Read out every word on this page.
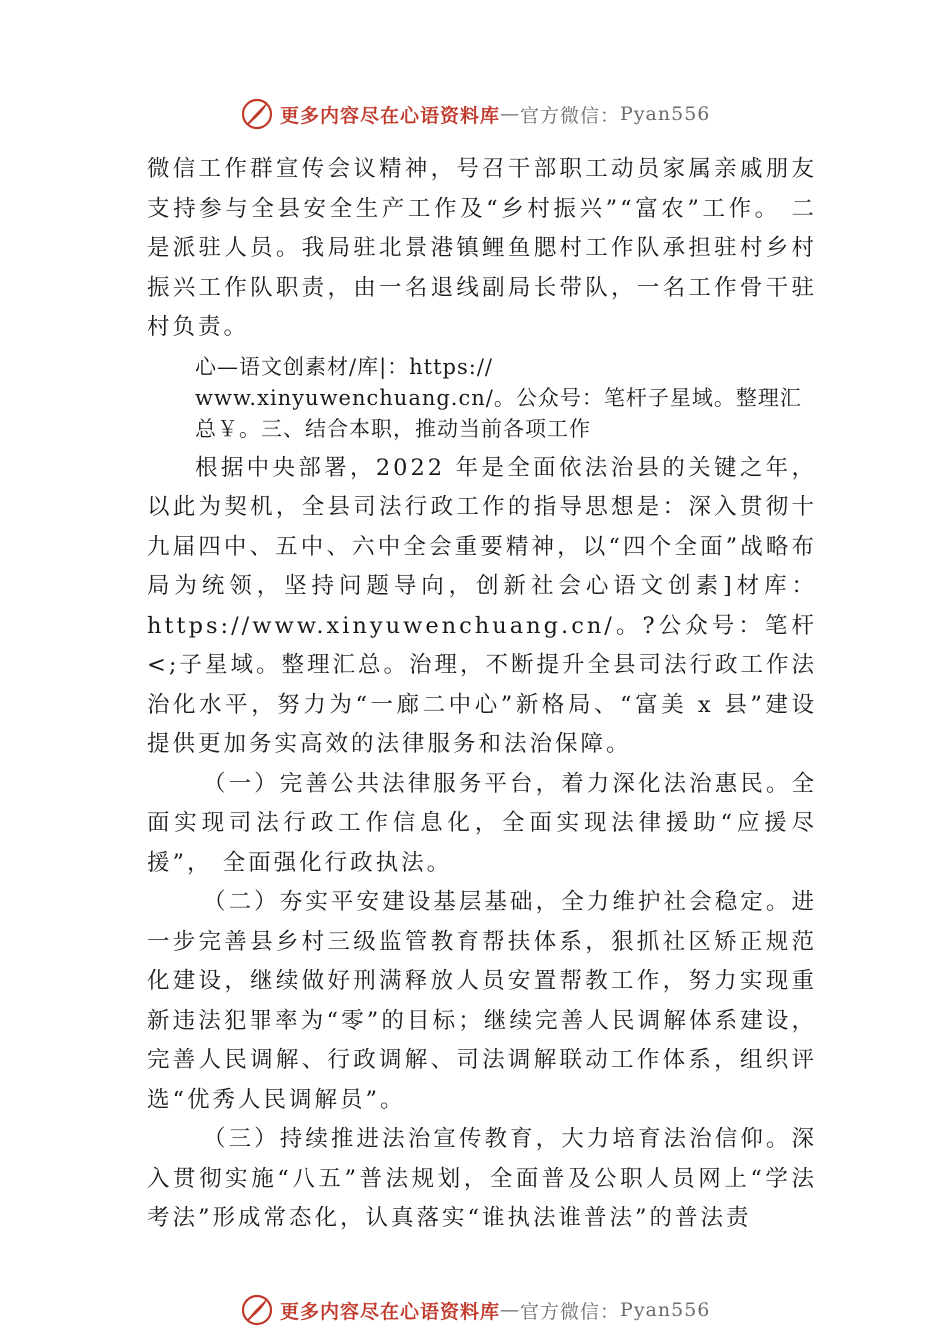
更多内容尽在心语资料库 — 官方微信： Pyan556

微信工作群宣传会议精神，号召干部职工动员家属亲戚朋友支持参与全县安全生产工作及“乡村振兴”“富农”工作。 二是派驻人员。我局驻北景港镇鲤鱼腮村工作队承担驻村乡村振兴工作队职责，由一名退线副局长带队，一名工作骨干驻村负责。

心—语文创素材/库|：https://
www.xinyuwenchuang.cn/。公众号：笔杆子星域。整理汇
总￥。三、结合本职，推动当前各项工作

根据中央部署，2022 年是全面依法治县的关键之年，以此为契机，全县司法行政工作的指导思想是：深入贯彻十九届四中、五中、六中全会重要精神，以“四个全面”战略布局为统领，坚持问题导向，创新社会心语文创素]材库：https://www.xinyuwenchuang.cn/。?公众号：笔杆<;子星域。整理汇总。治理，不断提升全县司法行政工作法治化水平，努力为“一廊二中心”新格局、“富美 x 县”建设提供更加务实高效的法律服务和法治保障。

（一）完善公共法律服务平台，着力深化法治惠民。全面实现司法行政工作信息化，全面实现法律援助“应援尽援”， 全面强化行政执法。

（二）夯实平安建设基层基础，全力维护社会稳定。进一步完善县乡村三级监管教育帮扶体系，狠抓社区矫正规范化建设，继续做好刑满释放人员安置帮教工作，努力实现重新违法犯罪率为“零”的目标；继续完善人民调解体系建设，完善人民调解、行政调解、司法调解联动工作体系，组织评选“优秀人民调解员”。

（三）持续推进法治宣传教育，大力培育法治信仰。深入贯彻实施“八五”普法规划，全面普及公职人员网上“学法考法”形成常态化，认真落实“谁执法谁普法”的普法责

更多内容尽在心语资料库 — 官方微信： Pyan556
